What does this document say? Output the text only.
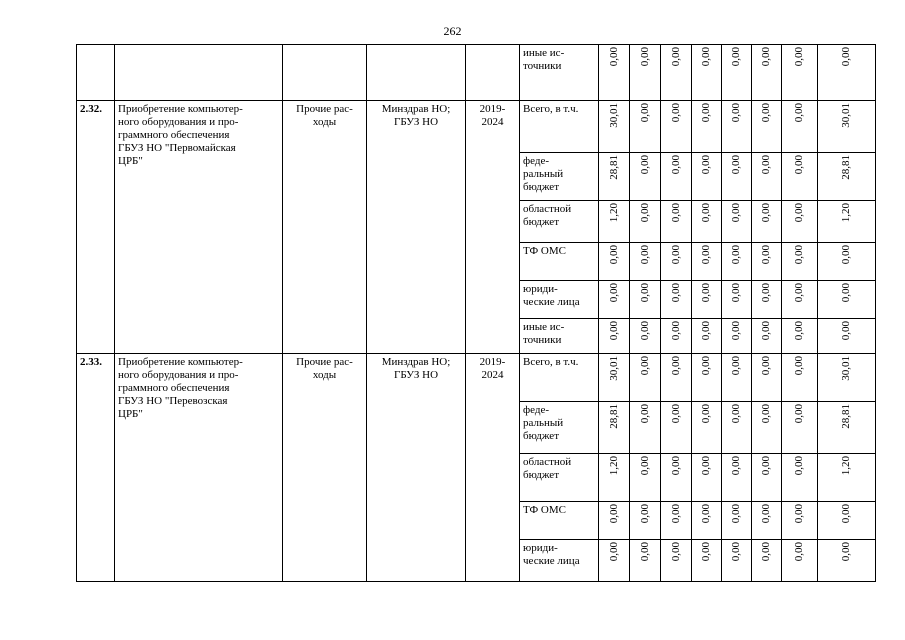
262
					иные ис-
точники	0,00	0,00	0,00	0,00	0,00	0,00	0,00	0,00
2.32.	Приобретение компьютер-
ного оборудования и про-
граммного обеспечения
ГБУЗ НО "Первомайская
ЦРБ"	Прочие рас-
ходы	Минздрав НО;
ГБУЗ НО	2019-
2024	Всего, в т.ч.	30,01	0,00	0,00	0,00	0,00	0,00	0,00	30,01
					феде-
ральный
бюджет	28,81	0,00	0,00	0,00	0,00	0,00	0,00	28,81
					областной
бюджет	1,20	0,00	0,00	0,00	0,00	0,00	0,00	1,20
					ТФ ОМС	0,00	0,00	0,00	0,00	0,00	0,00	0,00	0,00
					юриди-
ческие лица	0,00	0,00	0,00	0,00	0,00	0,00	0,00	0,00
					иные ис-
точники	0,00	0,00	0,00	0,00	0,00	0,00	0,00	0,00
2.33.	Приобретение компьютер-
ного оборудования и про-
граммного обеспечения
ГБУЗ НО "Перевозская
ЦРБ"	Прочие рас-
ходы	Минздрав НО;
ГБУЗ НО	2019-
2024	Всего, в т.ч.	30,01	0,00	0,00	0,00	0,00	0,00	0,00	30,01
					феде-
ральный
бюджет	28,81	0,00	0,00	0,00	0,00	0,00	0,00	28,81
					областной
бюджет	1,20	0,00	0,00	0,00	0,00	0,00	0,00	1,20
					ТФ ОМС	0,00	0,00	0,00	0,00	0,00	0,00	0,00	0,00
					юриди-
ческие лица	0,00	0,00	0,00	0,00	0,00	0,00	0,00	0,00
